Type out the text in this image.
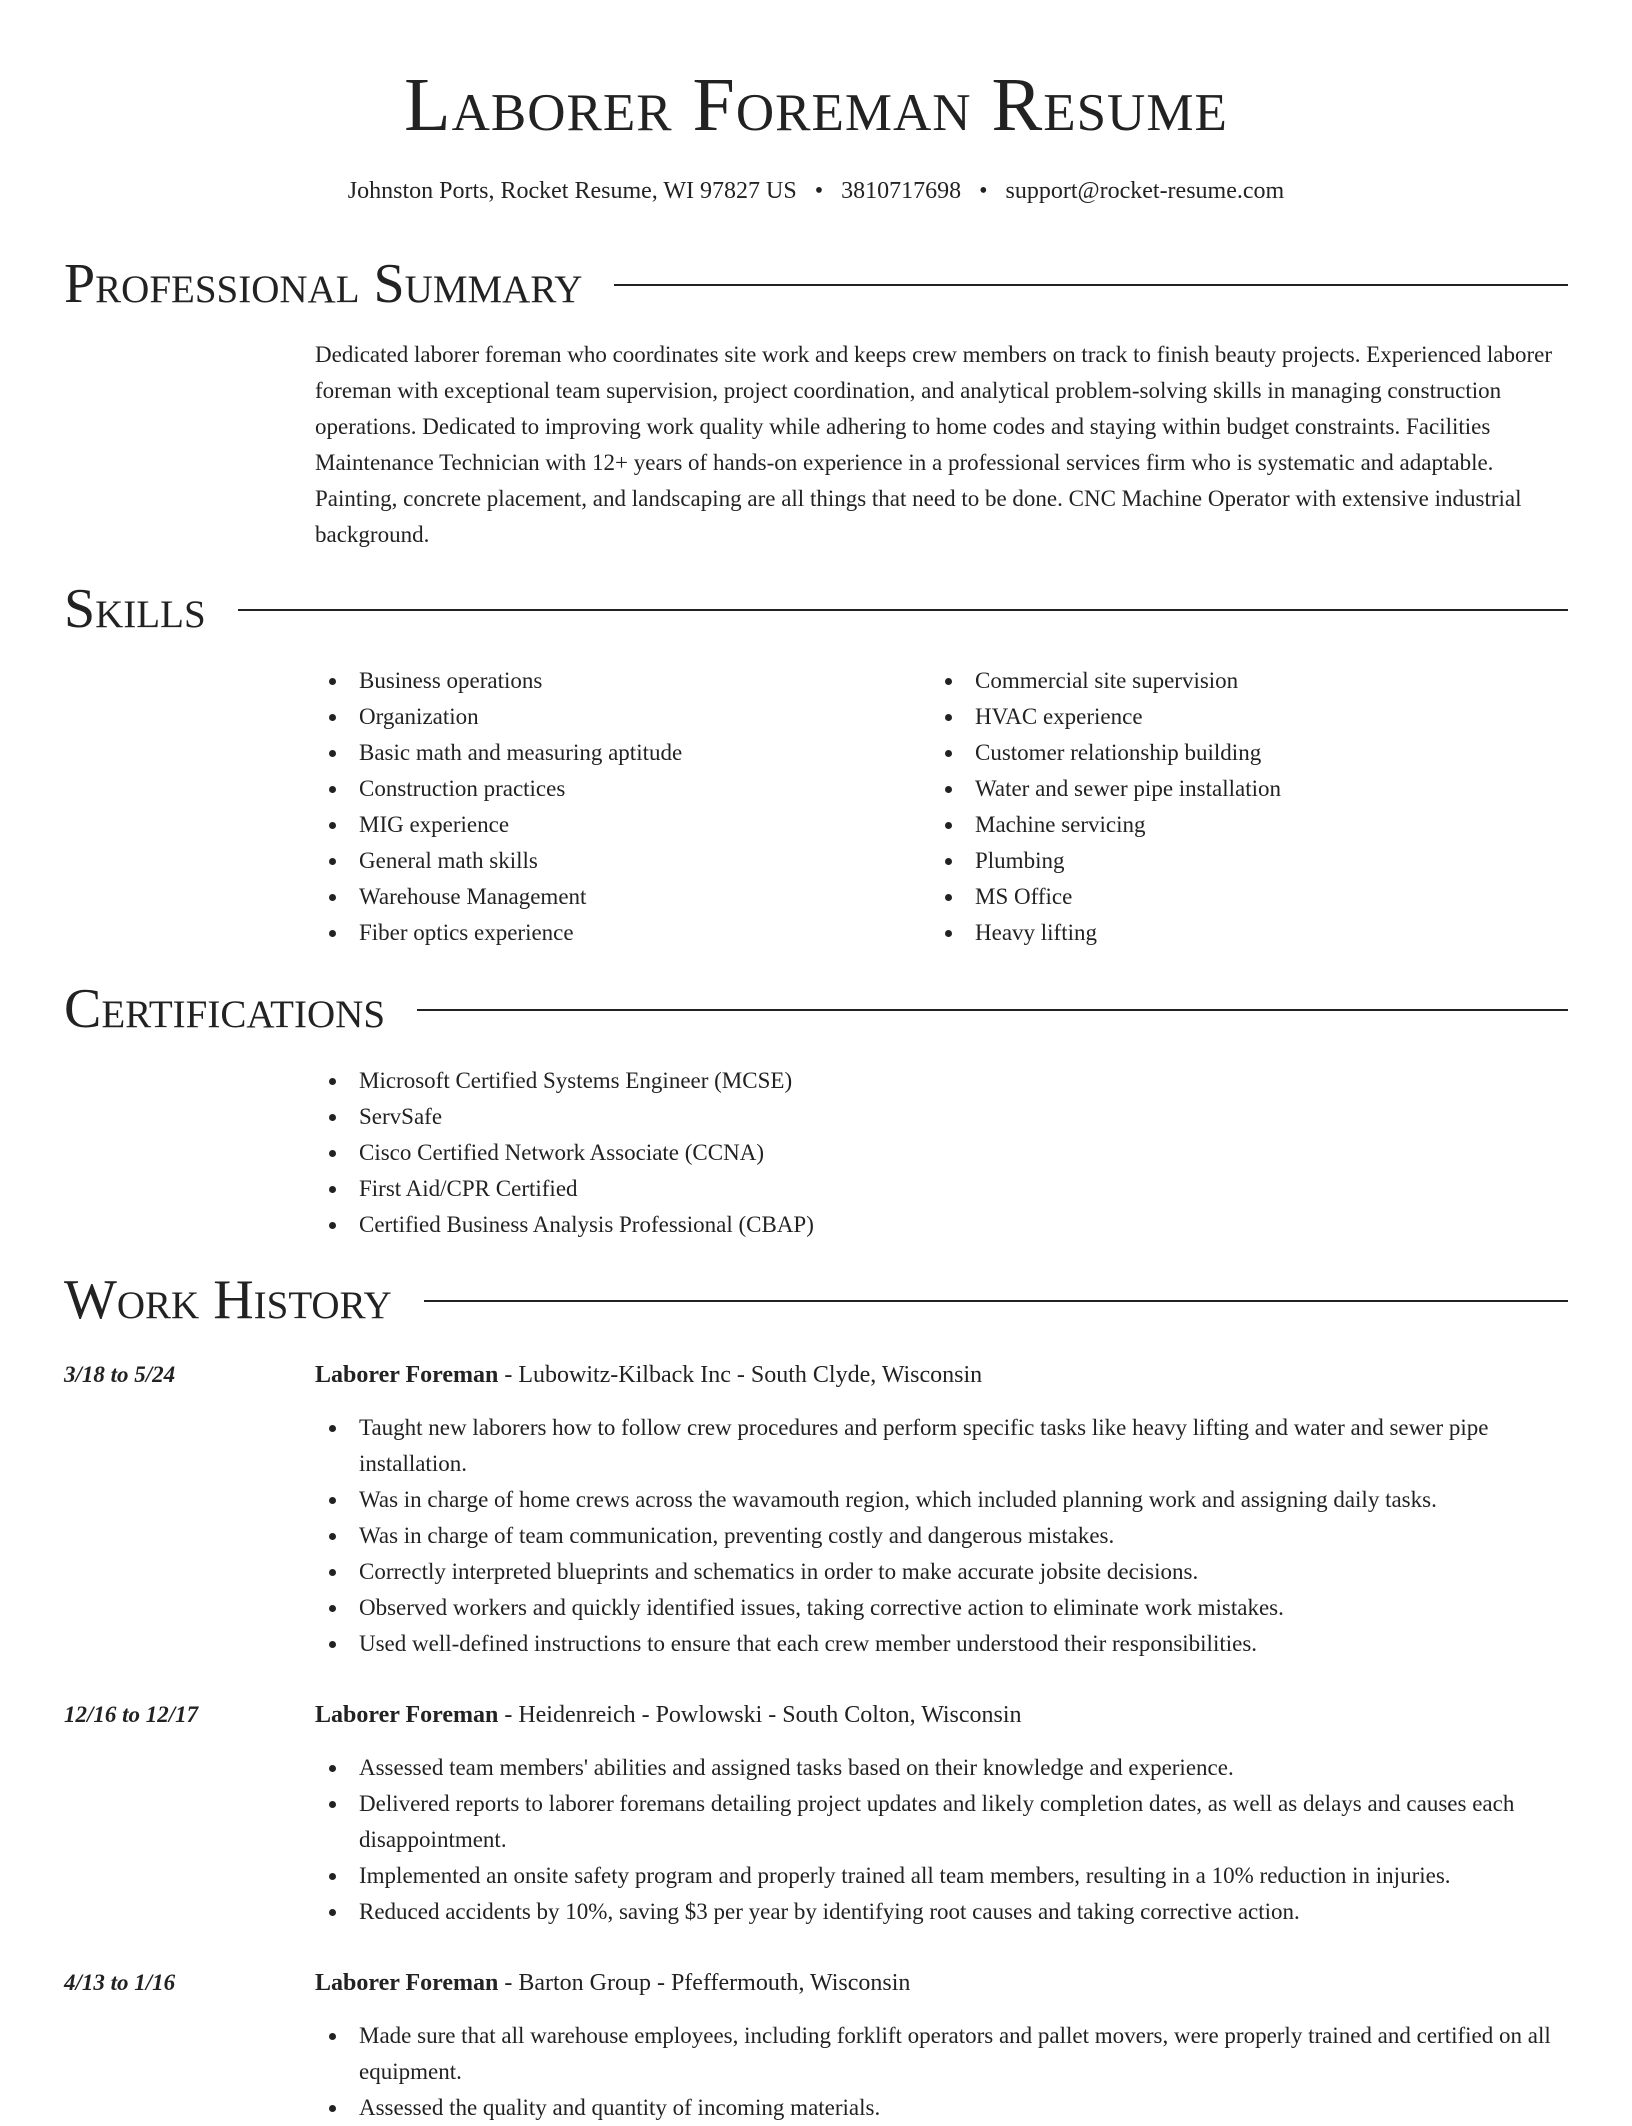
Laborer Foreman Resume
Johnston Ports, Rocket Resume, WI 97827 US • 3810717698 • support@rocket-resume.com
Professional Summary

Dedicated laborer foreman who coordinates site work and keeps crew members on track to finish beauty projects. Experienced laborer foreman with exceptional team supervision, project coordination, and analytical problem-solving skills in managing construction operations. Dedicated to improving work quality while adhering to home codes and staying within budget constraints. Facilities Maintenance Technician with 12+ years of hands-on experience in a professional services firm who is systematic and adaptable. Painting, concrete placement, and landscaping are all things that need to be done. CNC Machine Operator with extensive industrial background.

Skills
Business operations
Organization
Basic math and measuring aptitude
Construction practices
MIG experience
General math skills
Warehouse Management
Fiber optics experience
Commercial site supervision
HVAC experience
Customer relationship building
Water and sewer pipe installation
Machine servicing
Plumbing
MS Office
Heavy lifting
Certifications
Microsoft Certified Systems Engineer (MCSE)
ServSafe
Cisco Certified Network Associate (CCNA)
First Aid/CPR Certified
Certified Business Analysis Professional (CBAP)
Work History
3/18 to 5/24	Laborer Foreman - Lubowitz-Kilback Inc - South Clyde, Wisconsin
Taught new laborers how to follow crew procedures and perform specific tasks like heavy lifting and water and sewer pipe installation.
Was in charge of home crews across the wavamouth region, which included planning work and assigning daily tasks.
Was in charge of team communication, preventing costly and dangerous mistakes.
Correctly interpreted blueprints and schematics in order to make accurate jobsite decisions.
Observed workers and quickly identified issues, taking corrective action to eliminate work mistakes.
Used well-defined instructions to ensure that each crew member understood their responsibilities.
12/16 to 12/17	Laborer Foreman - Heidenreich - Powlowski - South Colton, Wisconsin
Assessed team members' abilities and assigned tasks based on their knowledge and experience.
Delivered reports to laborer foremans detailing project updates and likely completion dates, as well as delays and causes each disappointment.
Implemented an onsite safety program and properly trained all team members, resulting in a 10% reduction in injuries.
Reduced accidents by 10%, saving $3 per year by identifying root causes and taking corrective action.
4/13 to 1/16	Laborer Foreman - Barton Group - Pfeffermouth, Wisconsin
Made sure that all warehouse employees, including forklift operators and pallet movers, were properly trained and certified on all equipment.
Assessed the quality and quantity of incoming materials.
